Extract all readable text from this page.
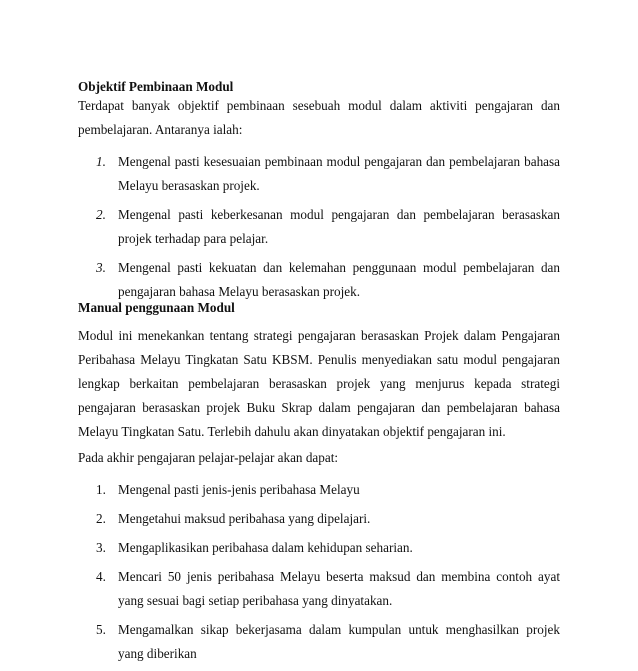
Objektif Pembinaan Modul
Terdapat banyak objektif pembinaan sesebuah modul dalam aktiviti pengajaran dan pembelajaran. Antaranya ialah:
1. Mengenal pasti kesesuaian pembinaan modul pengajaran dan pembelajaran bahasa Melayu berasaskan projek.
2. Mengenal pasti keberkesanan modul pengajaran dan pembelajaran berasaskan projek terhadap para pelajar.
3. Mengenal pasti kekuatan dan kelemahan penggunaan modul pembelajaran dan pengajaran bahasa Melayu berasaskan projek.
Manual penggunaan Modul
Modul ini menekankan tentang strategi pengajaran berasaskan Projek dalam Pengajaran Peribahasa Melayu Tingkatan Satu KBSM. Penulis menyediakan satu modul pengajaran lengkap berkaitan pembelajaran berasaskan projek yang menjurus kepada strategi pengajaran berasaskan projek Buku Skrap dalam pengajaran dan pembelajaran bahasa Melayu Tingkatan Satu. Terlebih dahulu akan dinyatakan objektif pengajaran ini.
Pada akhir pengajaran pelajar-pelajar akan dapat:
1. Mengenal pasti jenis-jenis peribahasa Melayu
2. Mengetahui maksud peribahasa yang dipelajari.
3. Mengaplikasikan peribahasa dalam kehidupan seharian.
4. Mencari 50 jenis peribahasa Melayu beserta maksud dan membina contoh ayat yang sesuai bagi setiap peribahasa yang dinyatakan.
5. Mengamalkan sikap bekerjasama dalam kumpulan untuk menghasilkan projek yang diberikan
